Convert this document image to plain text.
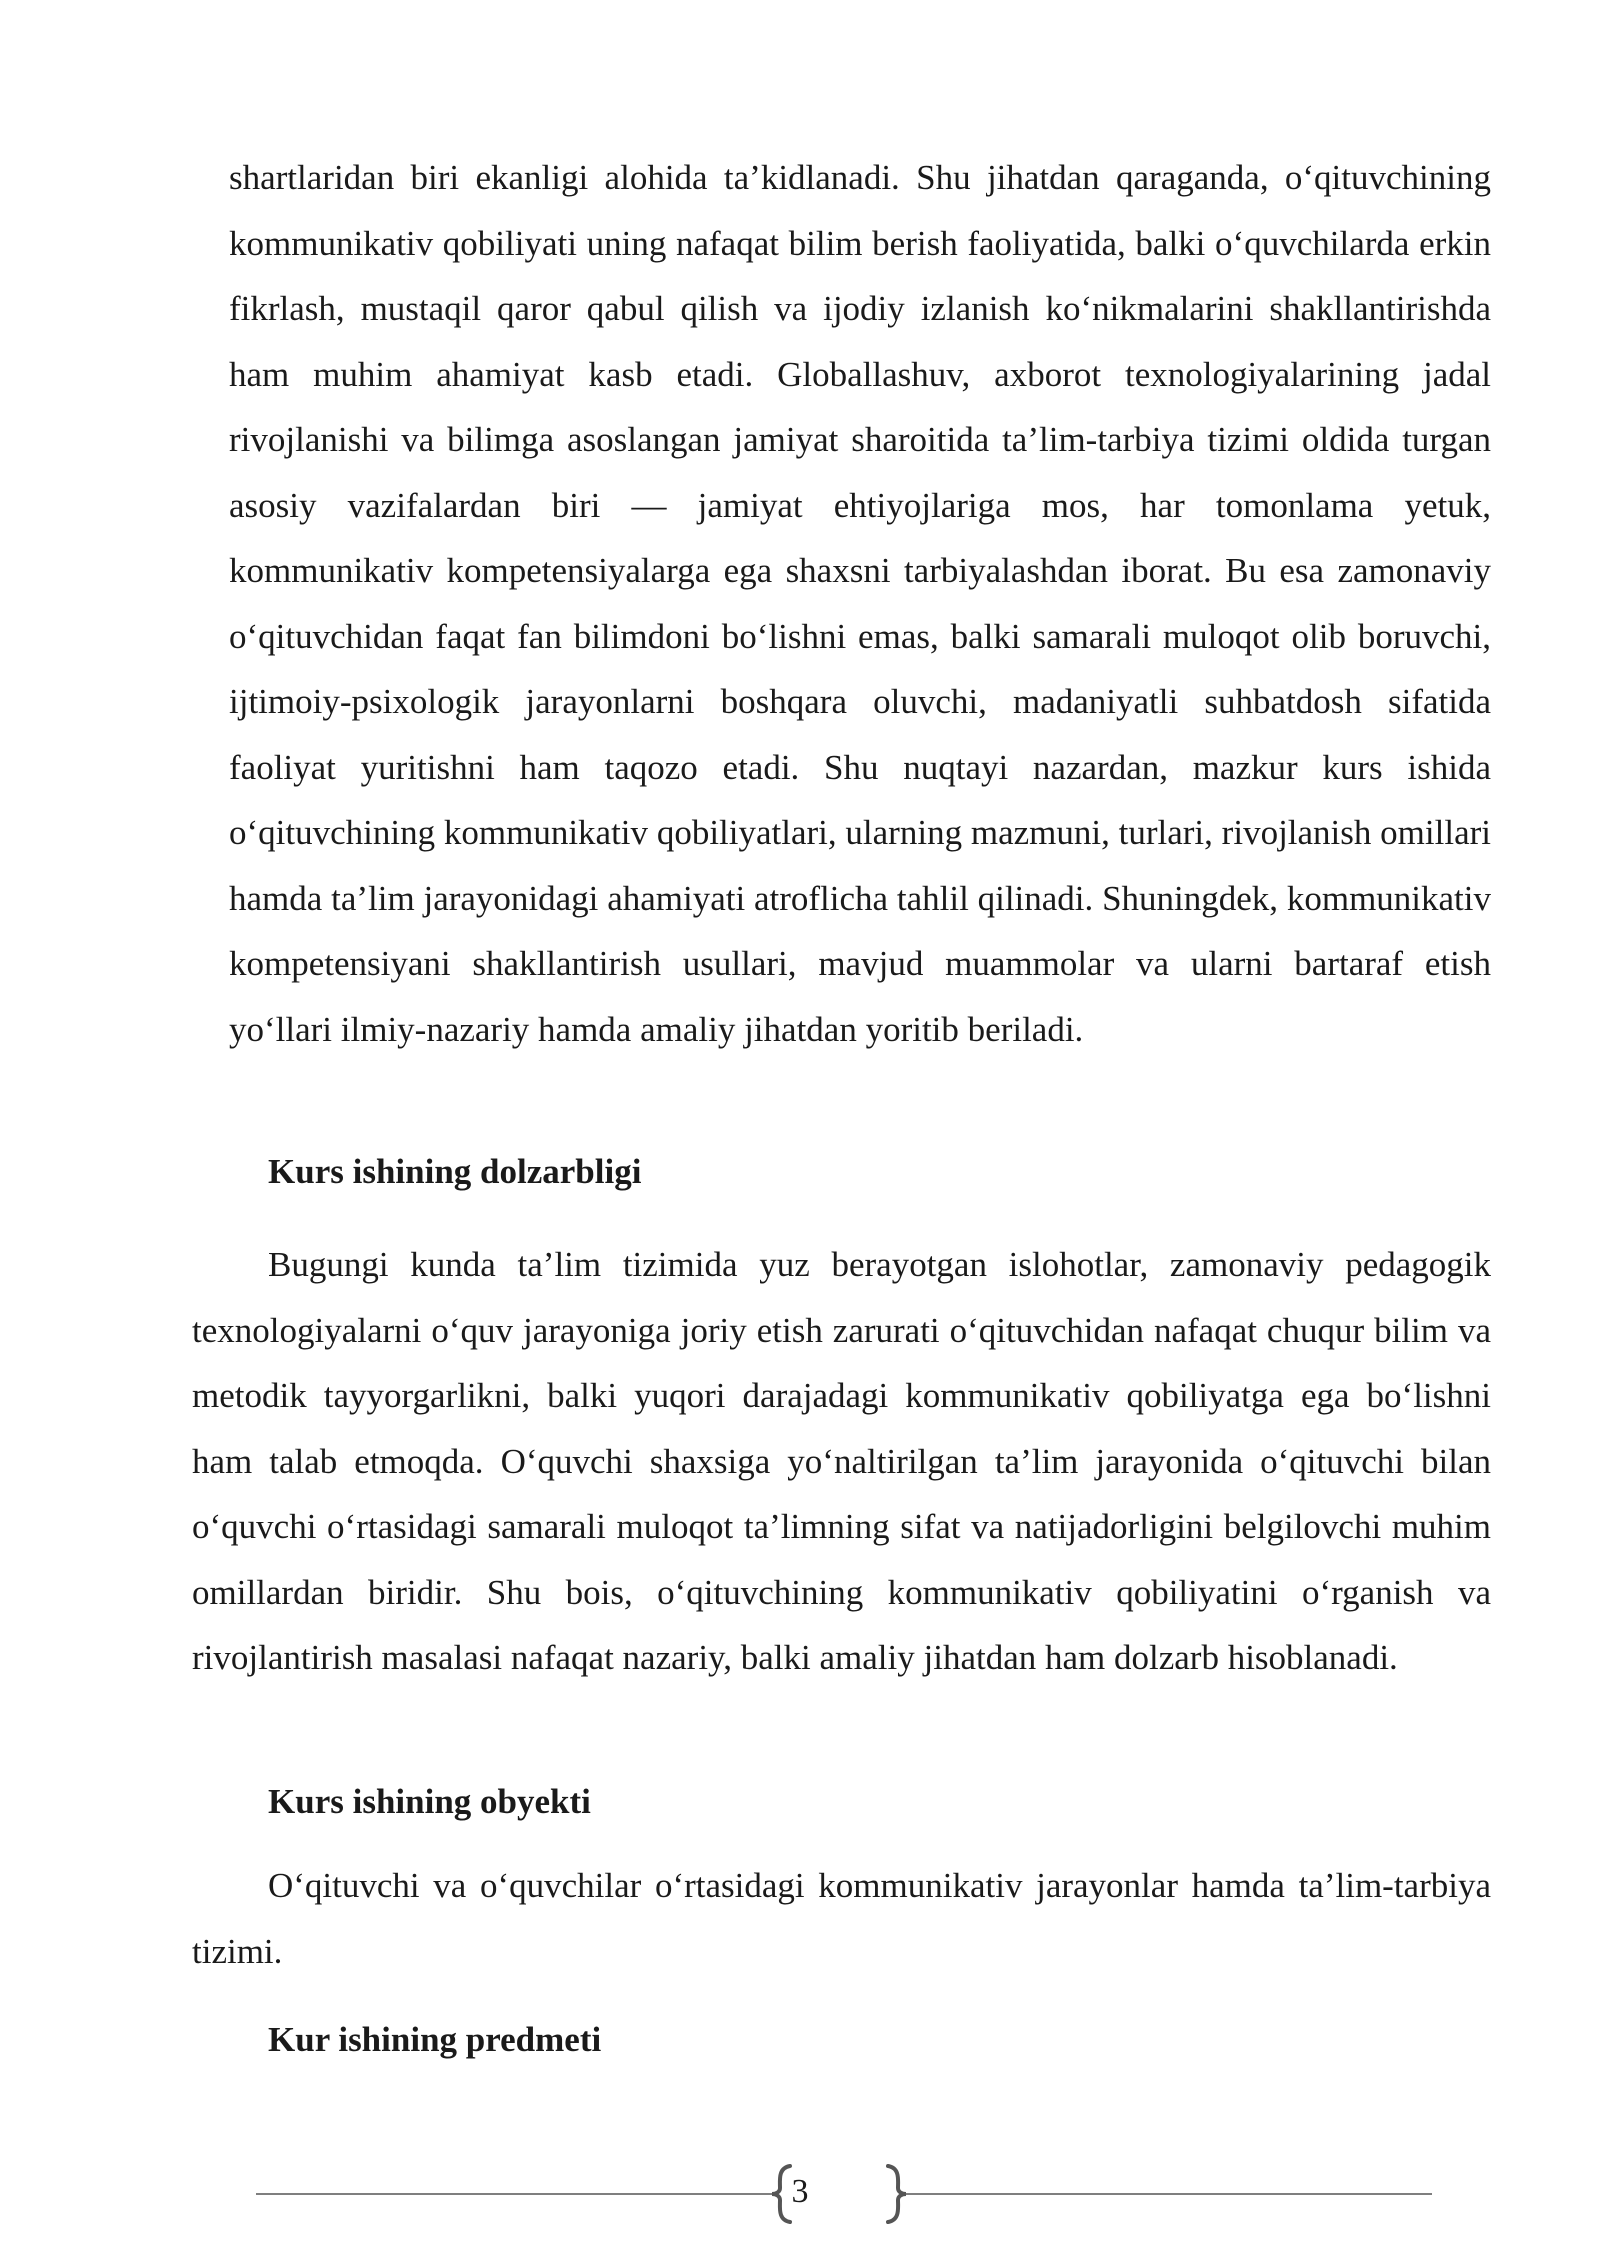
shartlaridan biri ekanligi alohida ta’kidlanadi. Shu jihatdan qaraganda, o‘qituvchining kommunikativ qobiliyati uning nafaqat bilim berish faoliyatida, balki o‘quvchilarda erkin fikrlash, mustaqil qaror qabul qilish va ijodiy izlanish ko‘nikmalarini shakllantirishda ham muhim ahamiyat kasb etadi. Globallashuv, axborot texnologiyalarining jadal rivojlanishi va bilimga asoslangan jamiyat sharoitida ta’lim-tarbiya tizimi oldida turgan asosiy vazifalardan biri — jamiyat ehtiyojlariga mos, har tomonlama yetuk, kommunikativ kompetensiyalarga ega shaxsni tarbiyalashdan iborat. Bu esa zamonaviy o‘qituvchidan faqat fan bilimdoni bo‘lishni emas, balki samarali muloqot olib boruvchi, ijtimoiy-psixologik jarayonlarni boshqara oluvchi, madaniyatli suhbatdosh sifatida faoliyat yuritishni ham taqozo etadi. Shu nuqtayi nazardan, mazkur kurs ishida o‘qituvchining kommunikativ qobiliyatlari, ularning mazmuni, turlari, rivojlanish omillari hamda ta’lim jarayonidagi ahamiyati atroflicha tahlil qilinadi. Shuningdek, kommunikativ kompetensiyani shakllantirish usullari, mavjud muammolar va ularni bartaraf etish yo‘llari ilmiy-nazariy hamda amaliy jihatdan yoritib beriladi.

Kurs ishining dolzarbligi

Bugungi kunda ta’lim tizimida yuz berayotgan islohotlar, zamonaviy pedagogik texnologiyalarni o‘quv jarayoniga joriy etish zarurati o‘qituvchidan nafaqat chuqur bilim va metodik tayyorgarlikni, balki yuqori darajadagi kommunikativ qobiliyatga ega bo‘lishni ham talab etmoqda. O‘quvchi shaxsiga yo‘naltirilgan ta’lim jarayonida o‘qituvchi bilan o‘quvchi o‘rtasidagi samarali muloqot ta’limning sifat va natijadorligini belgilovchi muhim omillardan biridir. Shu bois, o‘qituvchining kommunikativ qobiliyatini o‘rganish va rivojlantirish masalasi nafaqat nazariy, balki amaliy jihatdan ham dolzarb hisoblanadi.

Kurs ishining obyekti

O‘qituvchi va o‘quvchilar o‘rtasidagi kommunikativ jarayonlar hamda ta’lim-tarbiya tizimi.

Kur ishining predmeti
3
